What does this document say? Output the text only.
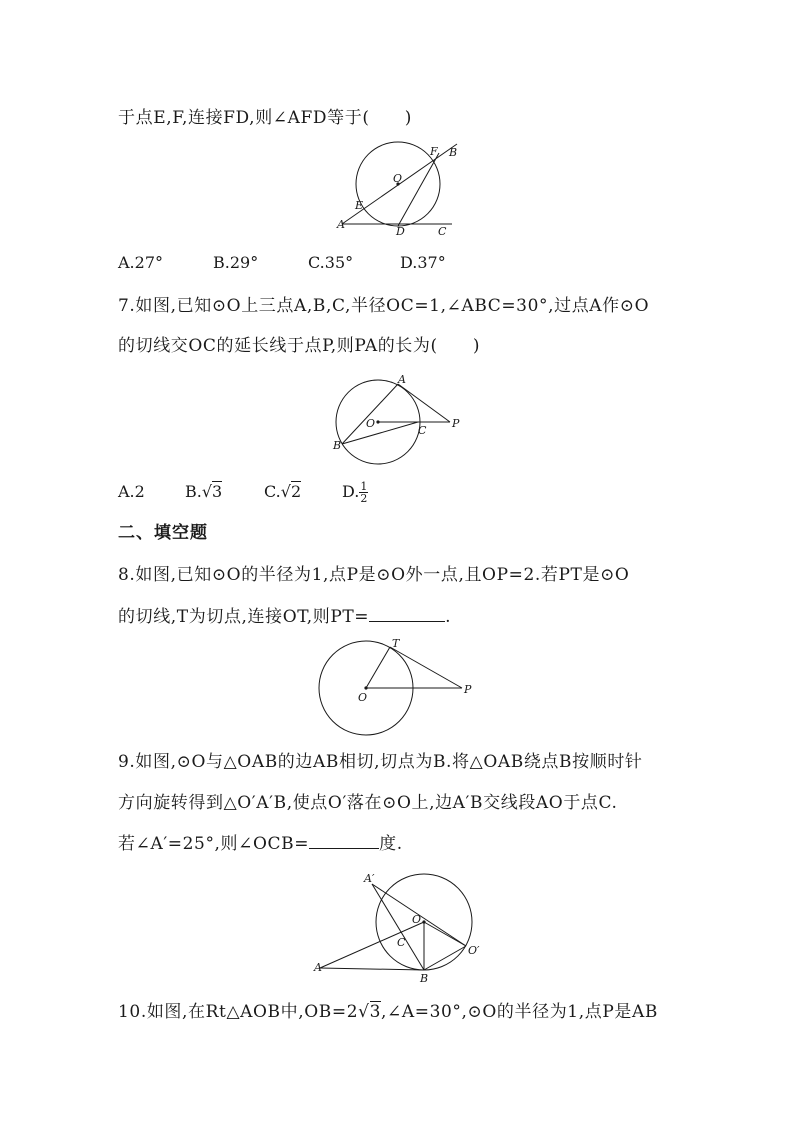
于点E,F,连接FD,则∠AFD等于(　　)
O
F B
E
A
D	C
A.27°	B.29°	C.35°	D.37°
7.如图,已知⊙O上三点A,B,C,半径OC=1,∠ABC=30°,过点A作⊙O
的切线交OC的延长线于点P,则PA的长为(　　)
A
O
C
P
B
A.2	B.√3	C.√2	D. $\frac{1}{2}$
二、填空题
8.如图,已知⊙O的半径为1,点P是⊙O外一点,且OP=2.若PT是⊙O
的切线,T为切点,连接OT,则PT=	.
T
O
P
9.如图,⊙O与△OAB的边AB相切,切点为B.将△OAB绕点B按顺时针
方向旋转得到△O′A′B,使点O′落在⊙O上,边A′B交线段AO于点C.
若∠A′=25°,则∠OCB=	度.
A′
O
C
O′
A
B
10.如图,在Rt△AOB中,OB=2√3,∠A=30°,⊙O的半径为1,点P是AB
